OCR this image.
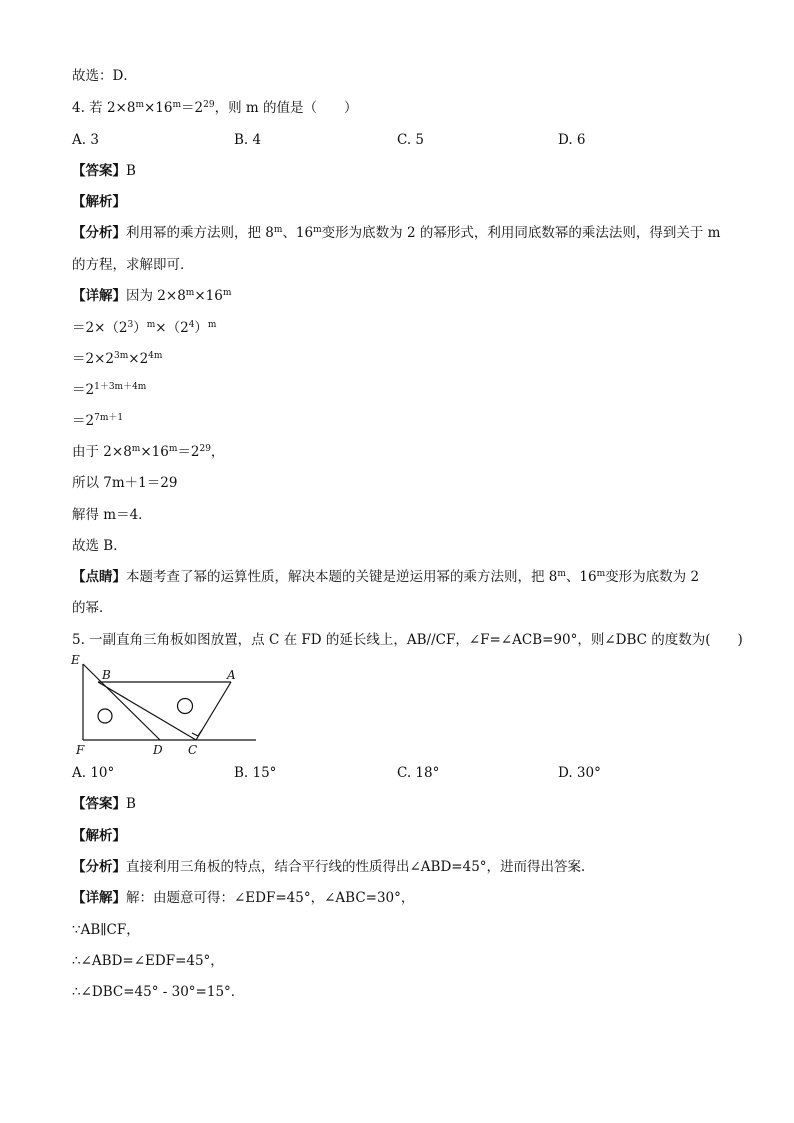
故选：D．
4. 若 $2\times 8^m\times 16^m=2^{29}$，则 m 的值是（　　）
A. 3	B. 4	C. 5	D. 6
【答案】B
【解析】
【分析】利用幂的乘方法则，把 8$^m$、16$^m$变形为底数为 2 的幂形式，利用同底数幂的乘法法则，得到关于 m
的方程，求解即可．
【详解】因为 $2\times 8^m\times 16^m$
$=2\times(2^3)^m\times(2^4)^m$
$=2\times 2^{3m}\times 2^{4m}$
$=2^{1+3m+4m}$
$=2^{7m+1}$
由于 $2\times 8^m\times 16^m=2^{29}$，
所以 7m＋1＝29
解得 m＝4．
故选 B．
【点睛】本题考查了幂的运算性质，解决本题的关键是逆运用幂的乘方法则，把 8$^m$、16$^m$变形为底数为 2
的幂．
5. 一副直角三角板如图放置，点 C 在 FD 的延长线上，AB//CF，∠F=∠ACB=90°，则∠DBC 的度数为(　　)
E
B	A
F	D C
A. 10°	B. 15°	C. 18°	D. 30°
【答案】B
【解析】
【分析】直接利用三角板的特点，结合平行线的性质得出∠ABD=45°，进而得出答案．
【详解】解：由题意可得：∠EDF=45°，∠ABC=30°，
∵AB∥CF，
∴∠ABD=∠EDF=45°，
∴∠DBC=45° - 30°=15°．
